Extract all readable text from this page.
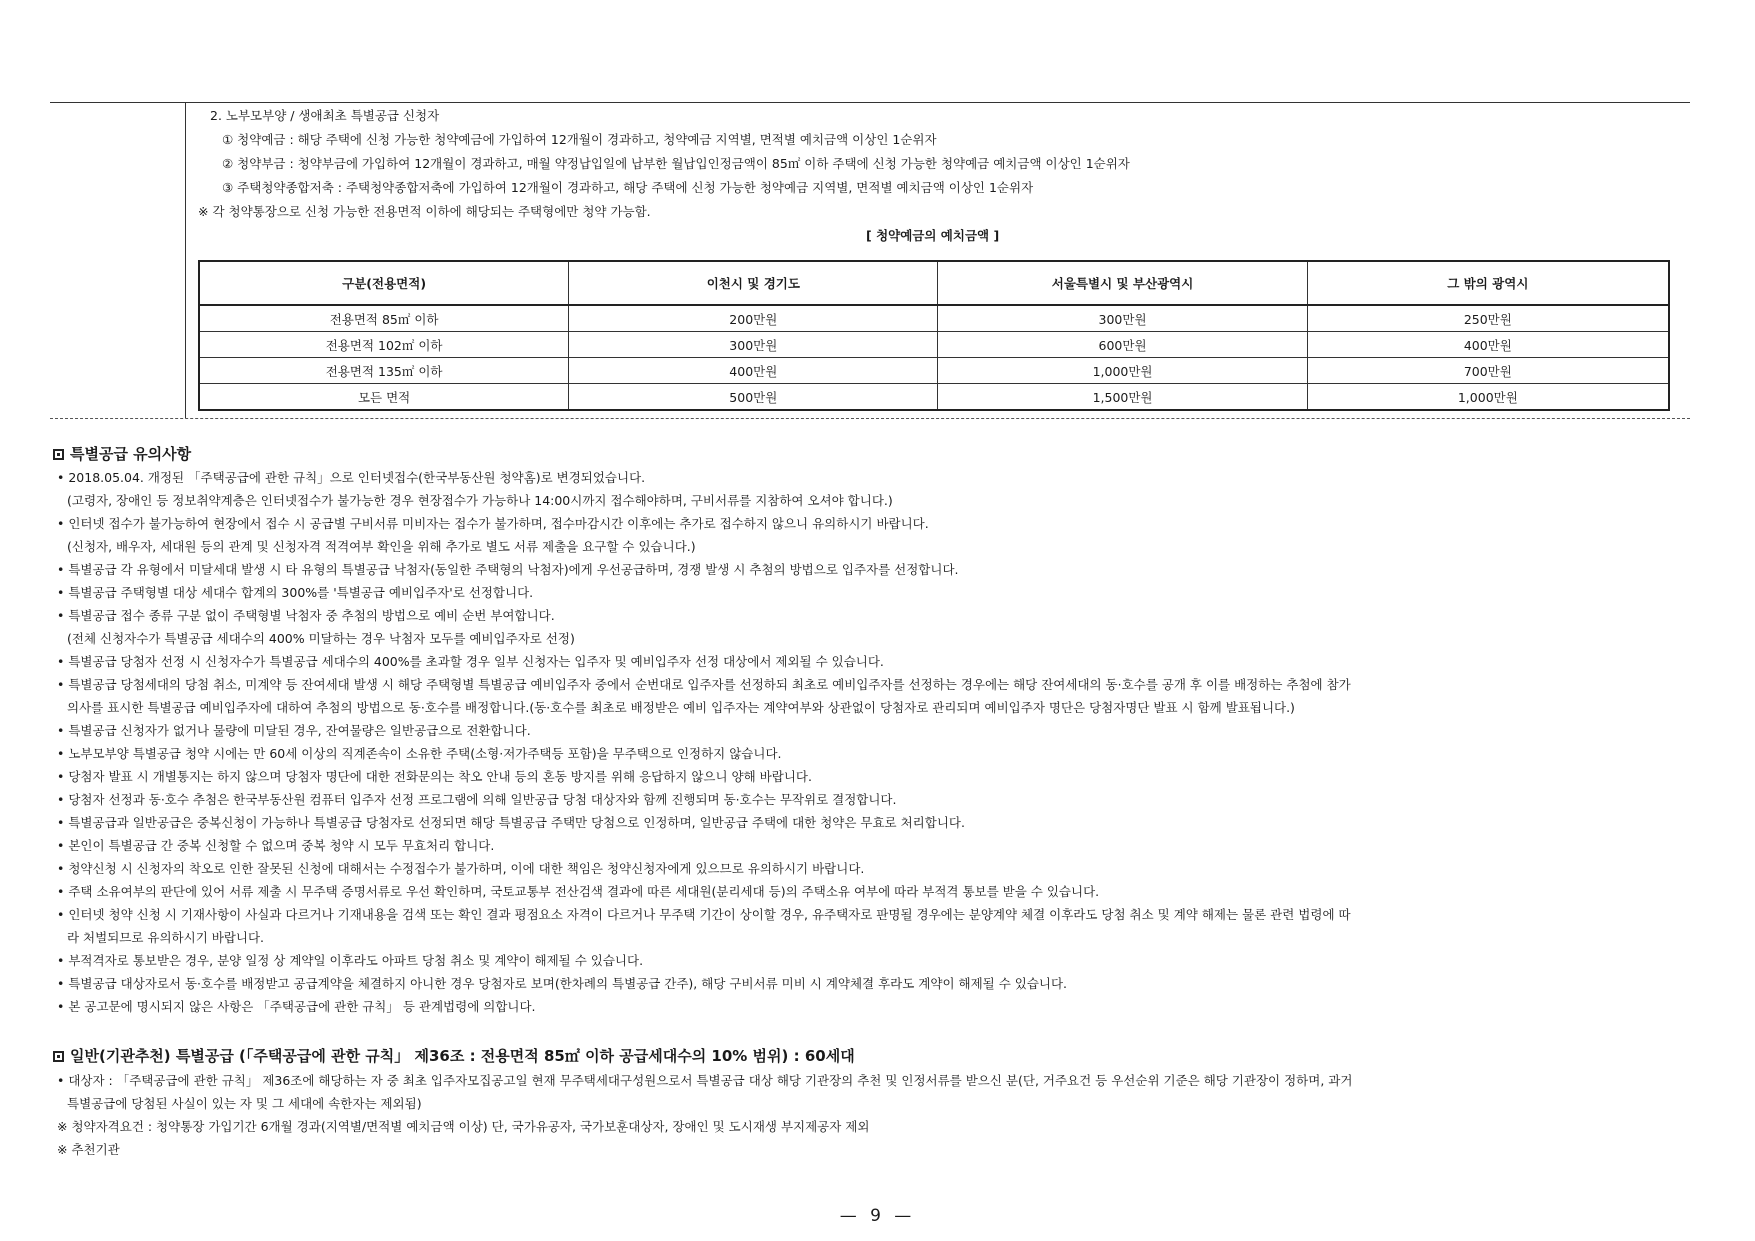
2. 노부모부양 / 생애최초 특별공급 신청자
① 청약예금 : 해당 주택에 신청 가능한 청약예금에 가입하여 12개월이 경과하고, 청약예금 지역별, 면적별 예치금액 이상인 1순위자
② 청약부금 : 청약부금에 가입하여 12개월이 경과하고, 매월 약정납입일에 납부한 월납입인정금액이 85㎡ 이하 주택에 신청 가능한 청약예금 예치금액 이상인 1순위자
③ 주택청약종합저축 : 주택청약종합저축에 가입하여 12개월이 경과하고, 해당 주택에 신청 가능한 청약예금 지역별, 면적별 예치금액 이상인 1순위자
※ 각 청약통장으로 신청 가능한 전용면적 이하에 해당되는 주택형에만 청약 가능함.
[ 청약예금의 예치금액 ]
구분(전용면적)	이천시 및 경기도	서울특별시 및 부산광역시	그 밖의 광역시
전용면적 85㎡ 이하	200만원	300만원	250만원
전용면적 102㎡ 이하	300만원	600만원	400만원
전용면적 135㎡ 이하	400만원	1,000만원	700만원
모든 면적	500만원	1,500만원	1,000만원
특별공급 유의사항
• 2018.05.04. 개정된 「주택공급에 관한 규칙」으로 인터넷접수(한국부동산원 청약홈)로 변경되었습니다.
(고령자, 장애인 등 정보취약계층은 인터넷접수가 불가능한 경우 현장접수가 가능하나 14:00시까지 접수해야하며, 구비서류를 지참하여 오셔야 합니다.)
• 인터넷 접수가 불가능하여 현장에서 접수 시 공급별 구비서류 미비자는 접수가 불가하며, 접수마감시간 이후에는 추가로 접수하지 않으니 유의하시기 바랍니다.
(신청자, 배우자, 세대원 등의 관계 및 신청자격 적격여부 확인을 위해 추가로 별도 서류 제출을 요구할 수 있습니다.)
• 특별공급 각 유형에서 미달세대 발생 시 타 유형의 특별공급 낙첨자(동일한 주택형의 낙첨자)에게 우선공급하며, 경쟁 발생 시 추첨의 방법으로 입주자를 선정합니다.
• 특별공급 주택형별 대상 세대수 합계의 300%를 '특별공급 예비입주자'로 선정합니다.
• 특별공급 접수 종류 구분 없이 주택형별 낙첨자 중 추첨의 방법으로 예비 순번 부여합니다.
(전체 신청자수가 특별공급 세대수의 400% 미달하는 경우 낙첨자 모두를 예비입주자로 선정)
• 특별공급 당첨자 선정 시 신청자수가 특별공급 세대수의 400%를 초과할 경우 일부 신청자는 입주자 및 예비입주자 선정 대상에서 제외될 수 있습니다.
• 특별공급 당첨세대의 당첨 취소, 미계약 등 잔여세대 발생 시 해당 주택형별 특별공급 예비입주자 중에서 순번대로 입주자를 선정하되 최초로 예비입주자를 선정하는 경우에는 해당 잔여세대의 동·호수를 공개 후 이를 배정하는 추첨에 참가
의사를 표시한 특별공급 예비입주자에 대하여 추첨의 방법으로 동·호수를 배정합니다.(동·호수를 최초로 배정받은 예비 입주자는 계약여부와 상관없이 당첨자로 관리되며 예비입주자 명단은 당첨자명단 발표 시 함께 발표됩니다.)
• 특별공급 신청자가 없거나 물량에 미달된 경우, 잔여물량은 일반공급으로 전환합니다.
• 노부모부양 특별공급 청약 시에는 만 60세 이상의 직계존속이 소유한 주택(소형·저가주택등 포함)을 무주택으로 인정하지 않습니다.
• 당첨자 발표 시 개별통지는 하지 않으며 당첨자 명단에 대한 전화문의는 착오 안내 등의 혼동 방지를 위해 응답하지 않으니 양해 바랍니다.
• 당첨자 선정과 동·호수 추첨은 한국부동산원 컴퓨터 입주자 선정 프로그램에 의해 일반공급 당첨 대상자와 함께 진행되며 동·호수는 무작위로 결정합니다.
• 특별공급과 일반공급은 중복신청이 가능하나 특별공급 당첨자로 선정되면 해당 특별공급 주택만 당첨으로 인정하며, 일반공급 주택에 대한 청약은 무효로 처리합니다.
• 본인이 특별공급 간 중복 신청할 수 없으며 중복 청약 시 모두 무효처리 합니다.
• 청약신청 시 신청자의 착오로 인한 잘못된 신청에 대해서는 수정접수가 불가하며, 이에 대한 책임은 청약신청자에게 있으므로 유의하시기 바랍니다.
• 주택 소유여부의 판단에 있어 서류 제출 시 무주택 증명서류로 우선 확인하며, 국토교통부 전산검색 결과에 따른 세대원(분리세대 등)의 주택소유 여부에 따라 부적격 통보를 받을 수 있습니다.
• 인터넷 청약 신청 시 기재사항이 사실과 다르거나 기재내용을 검색 또는 확인 결과 평점요소 자격이 다르거나 무주택 기간이 상이할 경우, 유주택자로 판명될 경우에는 분양계약 체결 이후라도 당첨 취소 및 계약 해제는 물론 관련 법령에 따
라 처벌되므로 유의하시기 바랍니다.
• 부적격자로 통보받은 경우, 분양 일정 상 계약일 이후라도 아파트 당첨 취소 및 계약이 해제될 수 있습니다.
• 특별공급 대상자로서 동·호수를 배정받고 공급계약을 체결하지 아니한 경우 당첨자로 보며(한차례의 특별공급 간주), 해당 구비서류 미비 시 계약체결 후라도 계약이 해제될 수 있습니다.
• 본 공고문에 명시되지 않은 사항은 「주택공급에 관한 규칙」 등 관계법령에 의합니다.
일반(기관추천) 특별공급 (「주택공급에 관한 규칙」 제36조 : 전용면적 85㎡ 이하 공급세대수의 10% 범위) : 60세대
• 대상자 : 「주택공급에 관한 규칙」 제36조에 해당하는 자 중 최초 입주자모집공고일 현재 무주택세대구성원으로서 특별공급 대상 해당 기관장의 추천 및 인정서류를 받으신 분(단, 거주요건 등 우선순위 기준은 해당 기관장이 정하며, 과거
특별공급에 당첨된 사실이 있는 자 및 그 세대에 속한자는 제외됨)
※ 청약자격요건 : 청약통장 가입기간 6개월 경과(지역별/면적별 예치금액 이상) 단, 국가유공자, 국가보훈대상자, 장애인 및 도시재생 부지제공자 제외
※ 추천기관
— 9 —
